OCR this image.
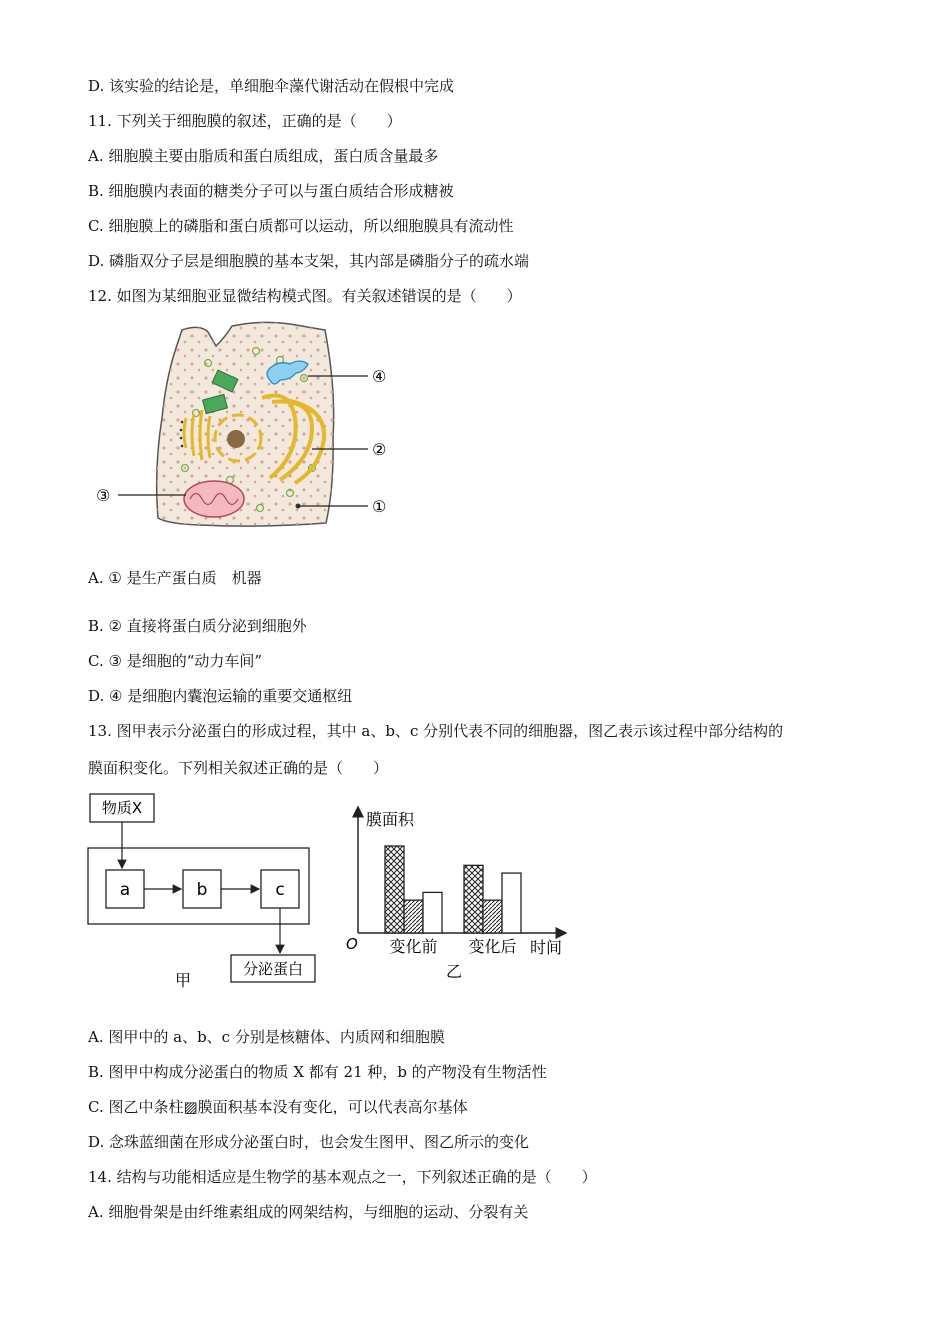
D. 该实验的结论是，单细胞伞藻代谢活动在假根中完成
11. 下列关于细胞膜的叙述，正确的是（　　）
A. 细胞膜主要由脂质和蛋白质组成，蛋白质含量最多
B. 细胞膜内表面的糖类分子可以与蛋白质结合形成糖被
C. 细胞膜上的磷脂和蛋白质都可以运动，所以细胞膜具有流动性
D. 磷脂双分子层是细胞膜的基本支架，其内部是磷脂分子的疏水端
12. 如图为某细胞亚显微结构模式图。有关叙述错误的是（　　）
④
②
③
①
A. ① 是生产蛋白质　机器
B. ② 直接将蛋白质分泌到细胞外
C. ③ 是细胞的“动力车间”
D. ④ 是细胞内囊泡运输的重要交通枢纽
13. 图甲表示分泌蛋白的形成过程，其中 a、b、c 分别代表不同的细胞器，图乙表示该过程中部分结构的
膜面积变化。下列相关叙述正确的是（　　）
物质X
a	b	c
分泌蛋白
甲
膜面积
O	时间
变化前 变化后
乙
A. 图甲中的 a、b、c 分别是核糖体、内质网和细胞膜
B. 图甲中构成分泌蛋白的物质 X 都有 21 种，b 的产物没有生物活性
C. 图乙中条柱▨膜面积基本没有变化，可以代表高尔基体
D. 念珠蓝细菌在形成分泌蛋白时，也会发生图甲、图乙所示的变化
14. 结构与功能相适应是生物学的基本观点之一，下列叙述正确的是（　　）
A. 细胞骨架是由纤维素组成的网架结构，与细胞的运动、分裂有关
